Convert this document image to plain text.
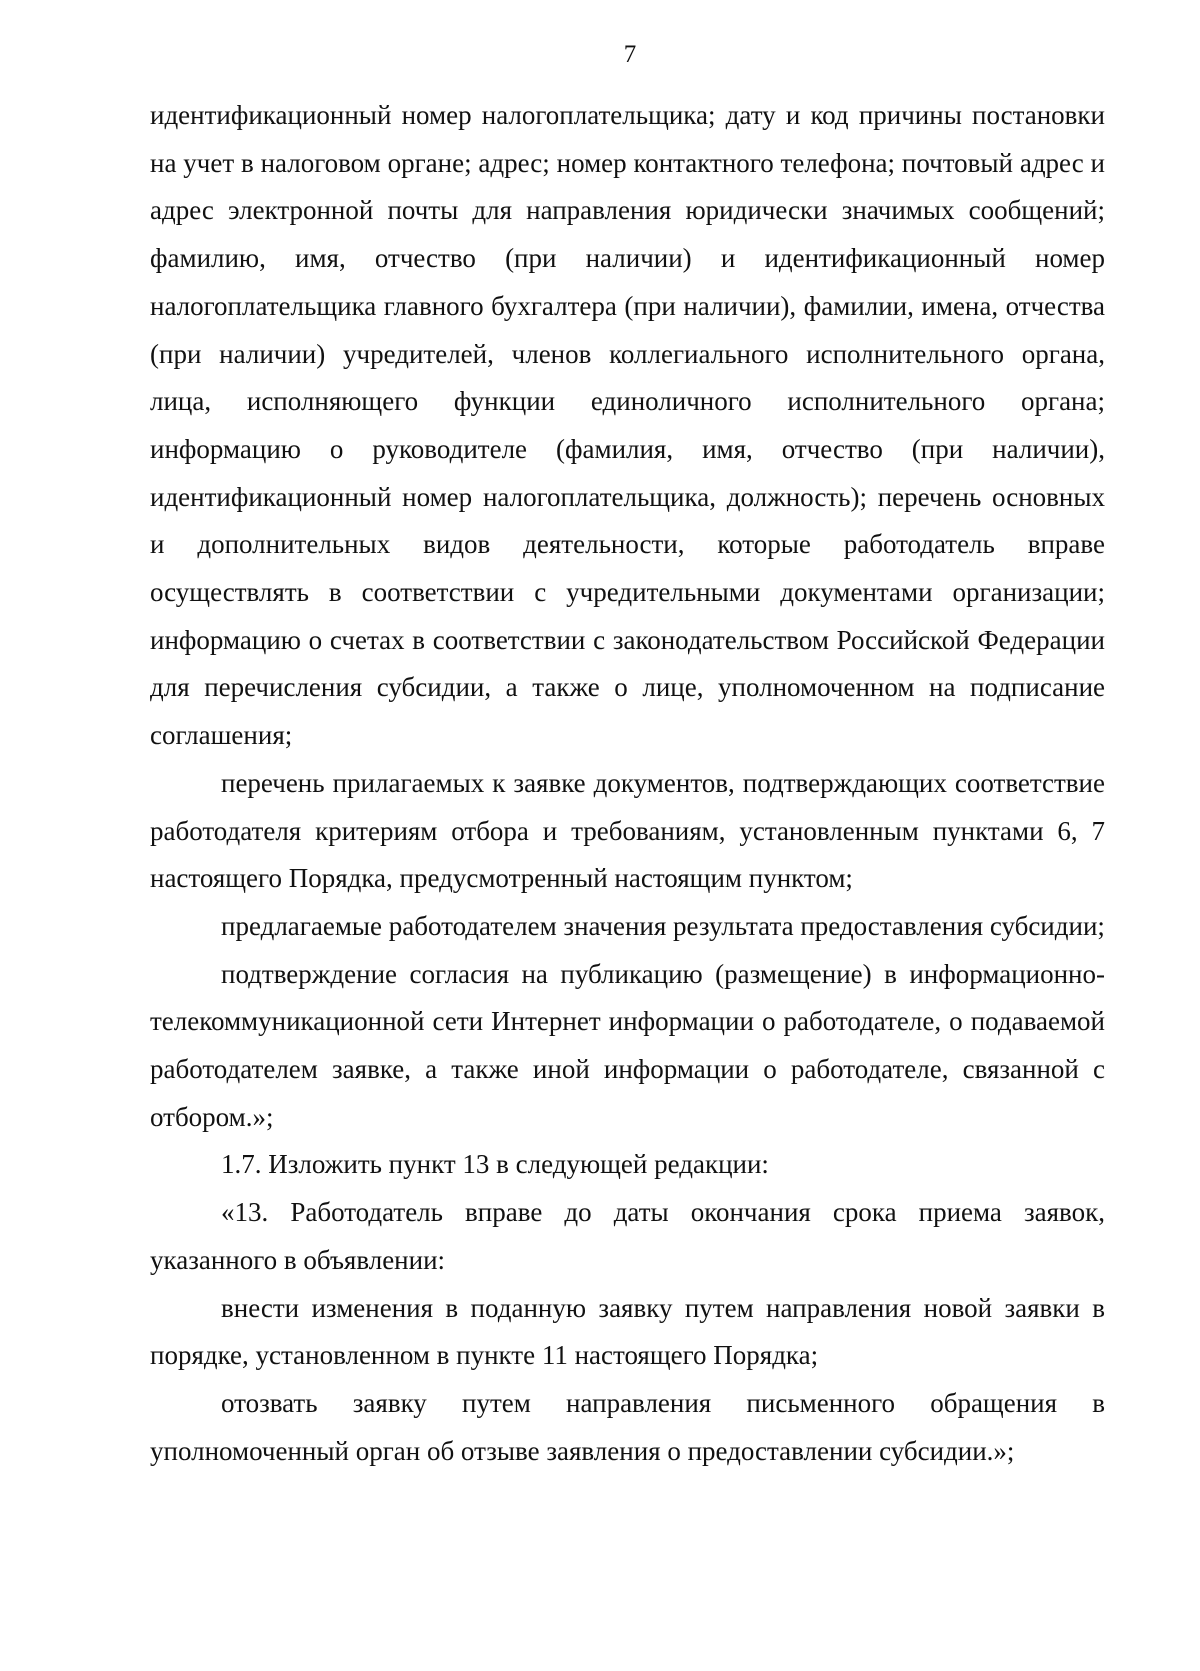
7

идентификационный номер налогоплательщика; дату и код причины постановки на учет в налоговом органе; адрес; номер контактного телефона; почтовый адрес и адрес электронной почты для направления юридически значимых сообщений; фамилию, имя, отчество (при наличии) и идентификационный номер налогоплательщика главного бухгалтера (при наличии), фамилии, имена, отчества (при наличии) учредителей, членов коллегиального исполнительного органа, лица, исполняющего функции единоличного исполнительного органа; информацию о руководителе (фамилия, имя, отчество (при наличии), идентификационный номер налогоплательщика, должность); перечень основных и дополнительных видов деятельности, которые работодатель вправе осуществлять в соответствии с учредительными документами организации; информацию о счетах в соответствии с законодательством Российской Федерации для перечисления субсидии, а также о лице, уполномоченном на подписание соглашения;

перечень прилагаемых к заявке документов, подтверждающих соответствие работодателя критериям отбора и требованиям, установленным пунктами 6, 7 настоящего Порядка, предусмотренный настоящим пунктом;

предлагаемые работодателем значения результата предоставления субсидии;

подтверждение согласия на публикацию (размещение) в информационно-телекоммуникационной сети Интернет информации о работодателе, о подаваемой работодателем заявке, а также иной информации о работодателе, связанной с отбором.»;

1.7. Изложить пункт 13 в следующей редакции:

«13. Работодатель вправе до даты окончания срока приема заявок, указанного в объявлении:

внести изменения в поданную заявку путем направления новой заявки в порядке, установленном в пункте 11 настоящего Порядка;

отозвать заявку путем направления письменного обращения в уполномоченный орган об отзыве заявления о предоставлении субсидии.»;
